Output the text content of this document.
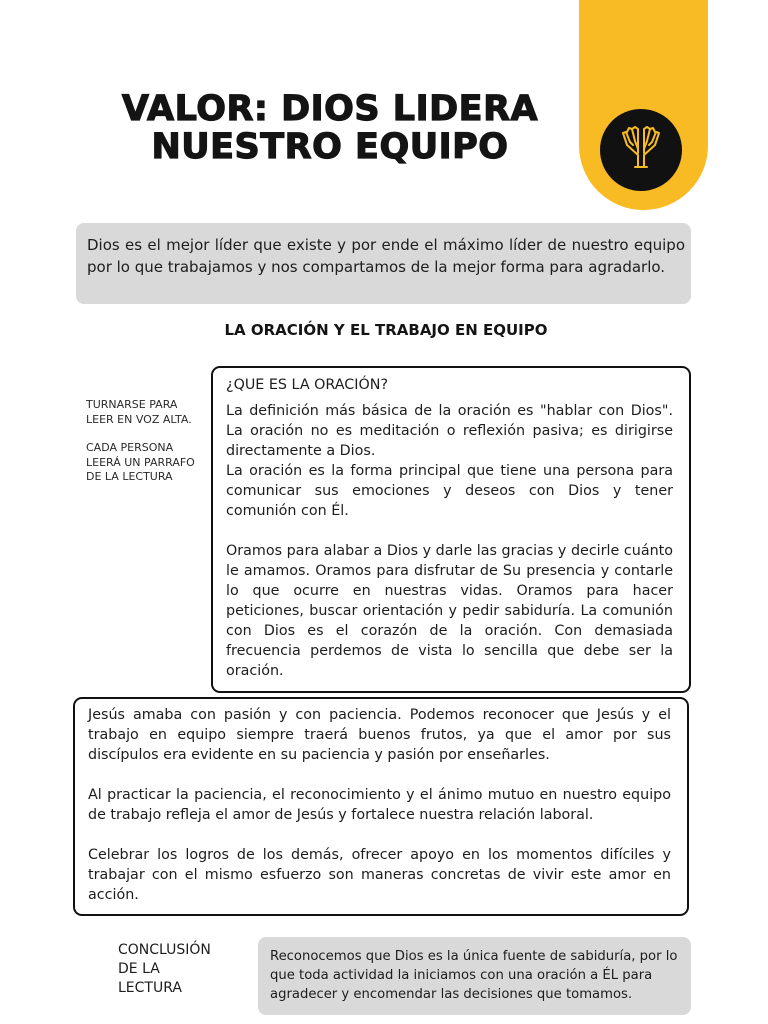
VALOR: DIOS LIDERA
NUESTRO EQUIPO
Dios es el mejor líder que existe y por ende el máximo líder de nuestro equipo por lo que trabajamos y nos compartamos de la mejor forma para agradarlo.
LA ORACIÓN Y EL TRABAJO EN EQUIPO

TURNARSE PARA LEER EN VOZ ALTA.

CADA PERSONA LEERÁ UN PARRAFO DE LA LECTURA

¿QUE ES LA ORACIÓN?

La definición más básica de la oración es "hablar con Dios". La oración no es meditación o reflexión pasiva; es dirigirse directamente a Dios.

La oración es la forma principal que tiene una persona para comunicar sus emociones y deseos con Dios y tener comunión con Él.

Oramos para alabar a Dios y darle las gracias y decirle cuánto le amamos. Oramos para disfrutar de Su presencia y contarle lo que ocurre en nuestras vidas. Oramos para hacer peticiones, buscar orientación y pedir sabiduría. La comunión con Dios es el corazón de la oración. Con demasiada frecuencia perdemos de vista lo sencilla que debe ser la oración.

Jesús amaba con pasión y con paciencia. Podemos reconocer que Jesús y el trabajo en equipo siempre traerá buenos frutos, ya que el amor por sus discípulos era evidente en su paciencia y pasión por enseñarles.

Al practicar la paciencia, el reconocimiento y el ánimo mutuo en nuestro equipo de trabajo refleja el amor de Jesús y fortalece nuestra relación laboral.

Celebrar los logros de los demás, ofrecer apoyo en los momentos difíciles y trabajar con el mismo esfuerzo son maneras concretas de vivir este amor en acción.

CONCLUSIÓN
DE LA
LECTURA
Reconocemos que Dios es la única fuente de sabiduría, por lo que toda actividad la iniciamos con una oración a ÉL para agradecer y encomendar las decisiones que tomamos.
